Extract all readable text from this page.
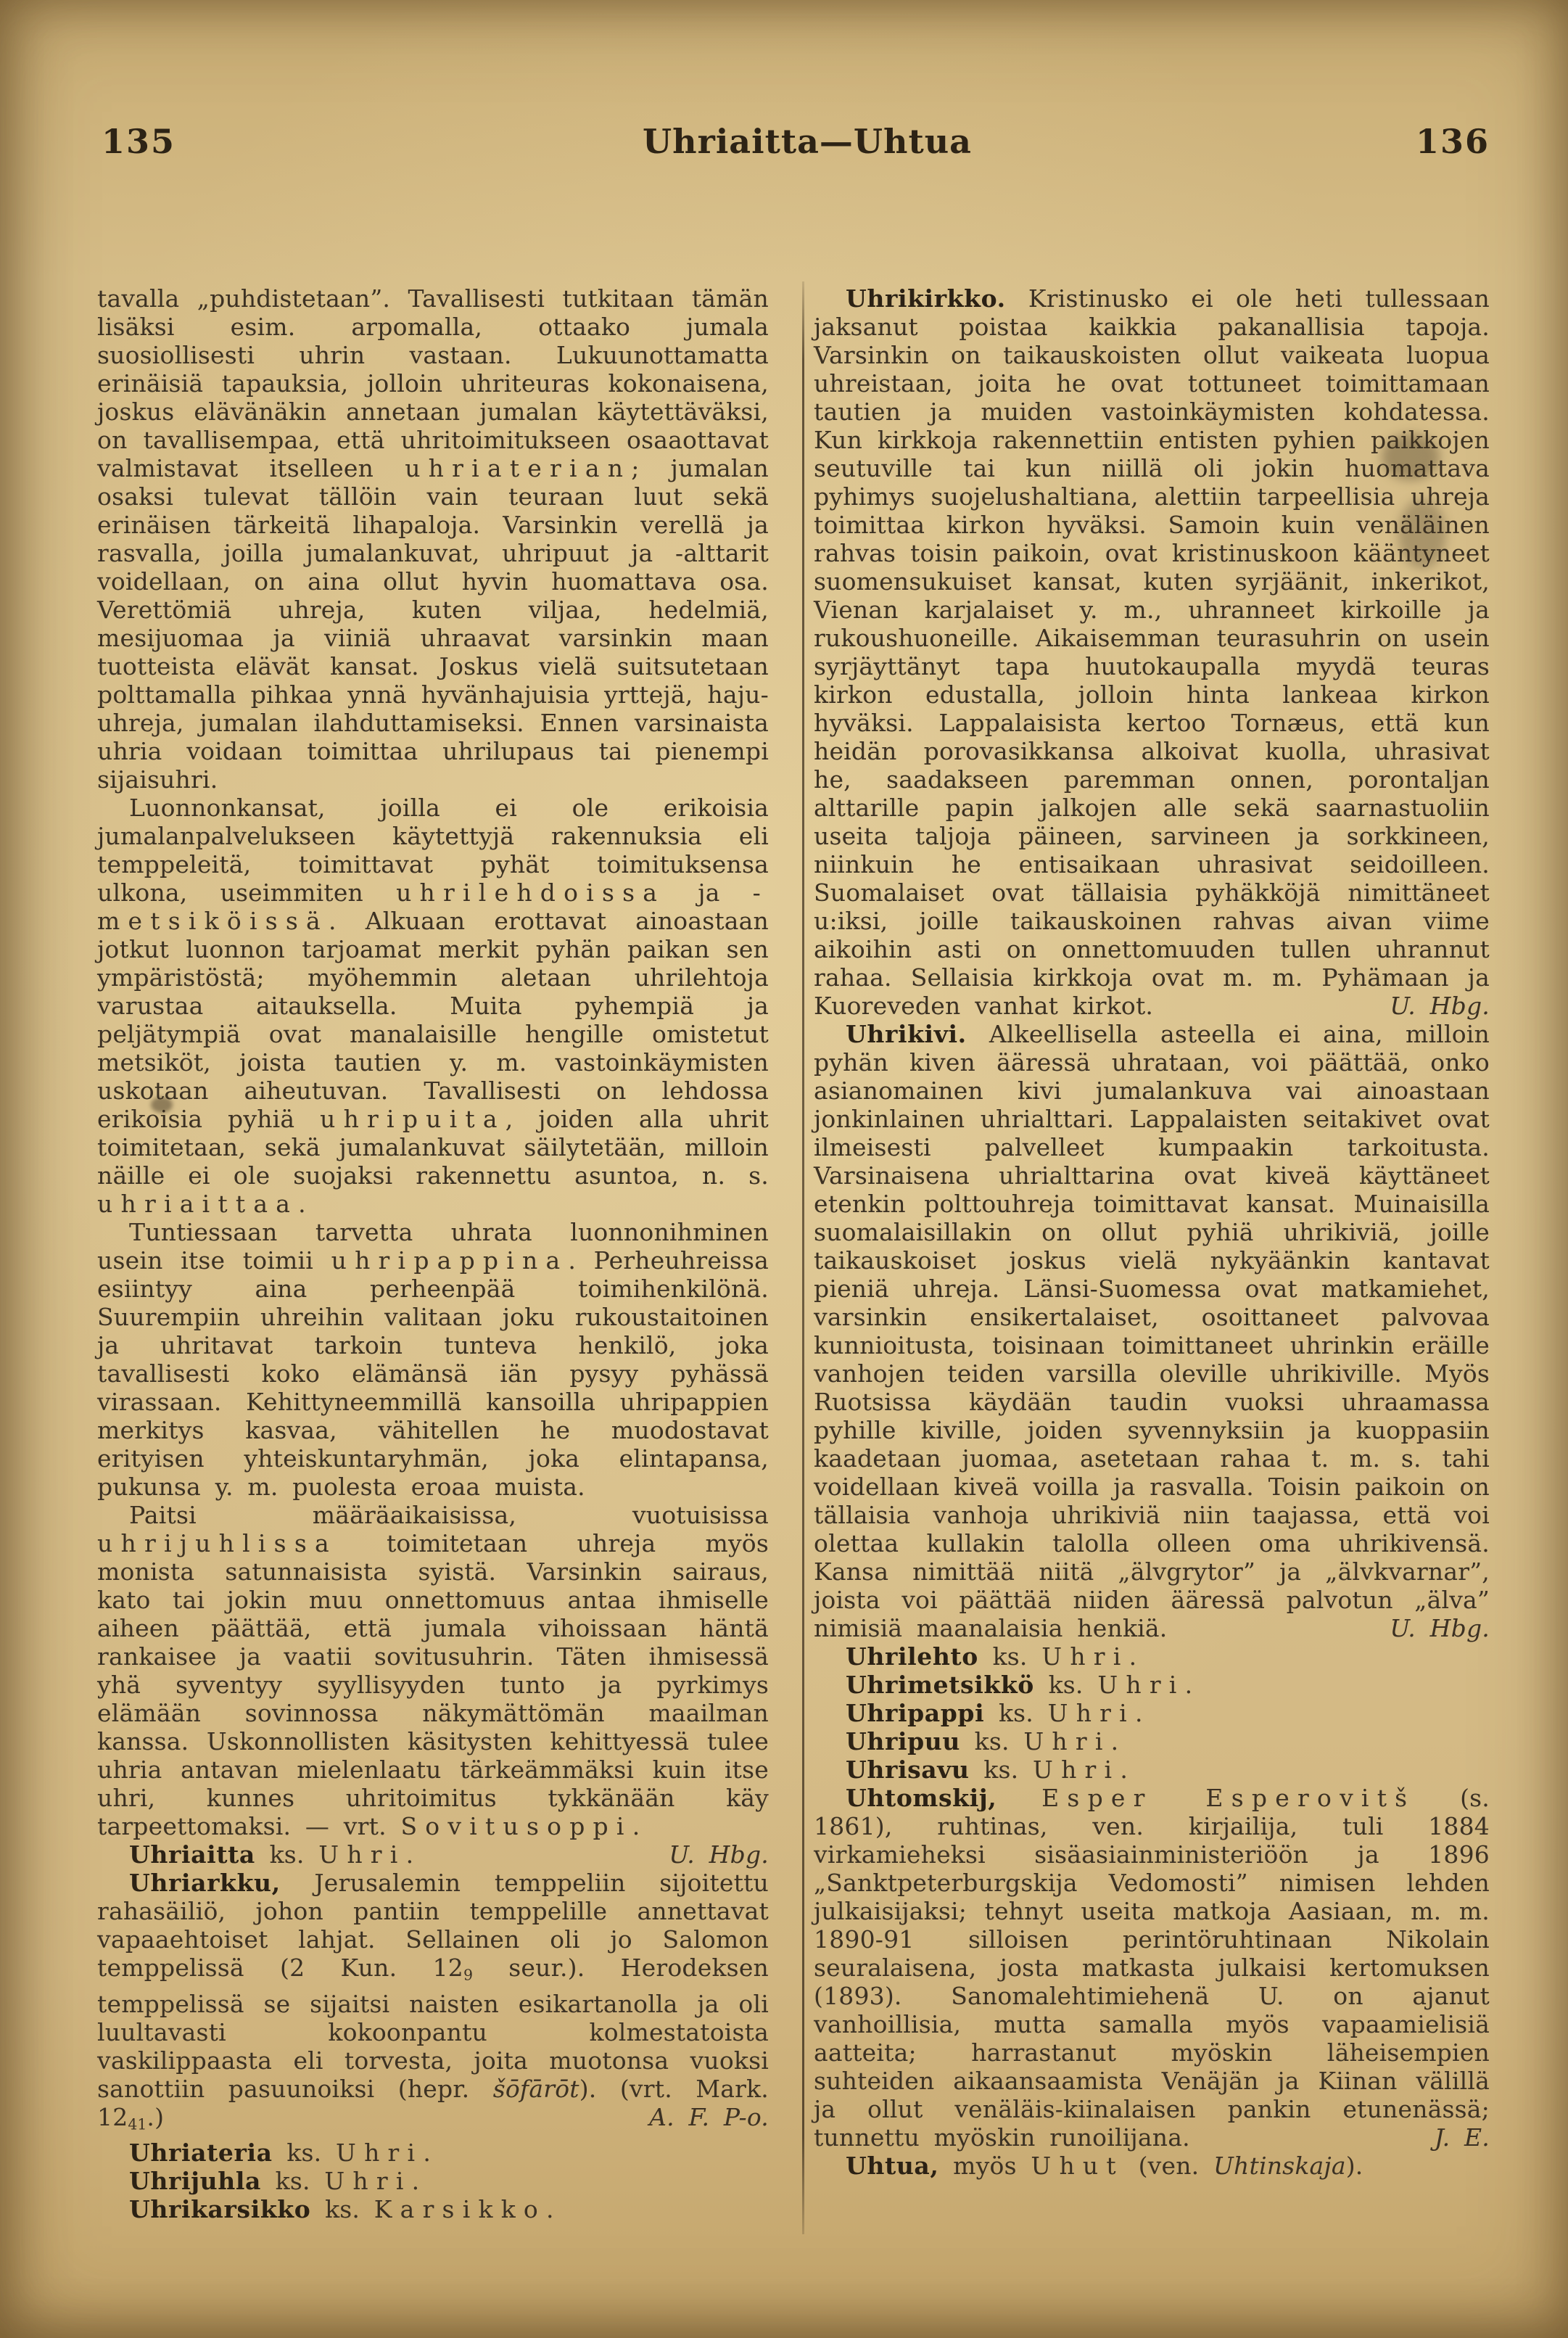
135	Uhriaitta—Uhtua	136

tavalla „puhdistetaan”. Tavallisesti tutkitaan tämän lisäksi esim. arpomalla, ottaako jumala suosiollisesti uhrin vastaan. Lukuunottamatta erinäisiä tapauksia, jolloin uhriteuras kokonaisena, joskus elävänäkin annetaan jumalan käytettäväksi, on tavallisempaa, että uhritoimitukseen osaaottavat valmistavat itselleen uhriaterian; jumalan osaksi tulevat tällöin vain teuraan luut sekä erinäisen tärkeitä lihapaloja. Varsinkin verellä ja rasvalla, joilla jumalankuvat, uhripuut ja -alttarit voidellaan, on aina ollut hyvin huomattava osa. Verettömiä uhreja, kuten viljaa, hedelmiä, mesijuomaa ja viiniä uhraavat varsinkin maan tuotteista elävät kansat. Joskus vielä suitsutetaan polttamalla pihkaa ynnä hyvänhajuisia yrttejä, haju-uhreja, jumalan ilahduttamiseksi. Ennen varsinaista uhria voidaan toimittaa uhrilupaus tai pienempi sijaisuhri.

Luonnonkansat, joilla ei ole erikoisia jumalanpalvelukseen käytettyjä rakennuksia eli temppeleitä, toimittavat pyhät toimituksensa ulkona, useimmiten uhrilehdoissa ja -metsiköissä. Alkuaan erottavat ainoastaan jotkut luonnon tarjoamat merkit pyhän paikan sen ympäristöstä; myöhemmin aletaan uhrilehtoja varustaa aitauksella. Muita pyhempiä ja peljätympiä ovat manalaisille hengille omistetut metsiköt, joista tautien y. m. vastoinkäymisten uskotaan aiheutuvan. Tavallisesti on lehdossa erikoisia pyhiä uhripuita, joiden alla uhrit toimitetaan, sekä jumalankuvat säilytetään, milloin näille ei ole suojaksi rakennettu asuntoa, n. s. uhriaittaa.

Tuntiessaan tarvetta uhrata luonnonihminen usein itse toimii uhripappina. Perheuhreissa esiintyy aina perheenpää toimihenkilönä. Suurempiin uhreihin valitaan joku rukoustaitoinen ja uhritavat tarkoin tunteva henkilö, joka tavallisesti koko elämänsä iän pysyy pyhässä virassaan. Kehittyneemmillä kansoilla uhripappien merkitys kasvaa, vähitellen he muodostavat erityisen yhteiskuntaryhmän, joka elintapansa, pukunsa y. m. puolesta eroaa muista.

Paitsi määräaikaisissa, vuotuisissa uhrijuhlissa toimitetaan uhreja myös monista satunnaisista syistä. Varsinkin sairaus, kato tai jokin muu onnettomuus antaa ihmiselle aiheen päättää, että jumala vihoissaan häntä rankaisee ja vaatii sovitusuhrin. Täten ihmisessä yhä syventyy syyllisyyden tunto ja pyrkimys elämään sovinnossa näkymättömän maailman kanssa. Uskonnollisten käsitysten kehittyessä tulee uhria antavan mielenlaatu tärkeämmäksi kuin itse uhri, kunnes uhritoimitus tykkänään käy tarpeettomaksi. — vrt. Sovitusoppi.
U. Hbg.

Uhriaitta ks. Uhri.

Uhriarkku, Jerusalemin temppeliin sijoitettu rahasäiliö, johon pantiin temppelille annettavat vapaaehtoiset lahjat. Sellainen oli jo Salomon temppelissä (2 Kun. 129 seur.). Herodeksen temppelissä se sijaitsi naisten esikartanolla ja oli luultavasti kokoonpantu kolmestatoista vaskilippaasta eli torvesta, joita muotonsa vuoksi sanottiin pasuunoiksi (hepr. šōfārōt). (vrt. Mark. 1241.)	A. F. P-o.

Uhriateria ks. Uhri.

Uhrijuhla ks. Uhri.

Uhrikarsikko ks. Karsikko.

Uhrikirkko. Kristinusko ei ole heti tullessaan jaksanut poistaa kaikkia pakanallisia tapoja. Varsinkin on taikauskoisten ollut vaikeata luopua uhreistaan, joita he ovat tottuneet toimittamaan tautien ja muiden vastoinkäymisten kohdatessa. Kun kirkkoja rakennettiin entisten pyhien paikkojen seutuville tai kun niillä oli jokin huomattava pyhimys suojelushaltiana, alettiin tarpeellisia uhreja toimittaa kirkon hyväksi. Samoin kuin venäläinen rahvas toisin paikoin, ovat kristinuskoon kääntyneet suomensukuiset kansat, kuten syrjäänit, inkerikot, Vienan karjalaiset y. m., uhranneet kirkoille ja rukoushuoneille. Aikaisemman teurasuhrin on usein syrjäyttänyt tapa huutokaupalla myydä teuras kirkon edustalla, jolloin hinta lankeaa kirkon hyväksi. Lappalaisista kertoo Tornæus, että kun heidän porovasikkansa alkoivat kuolla, uhrasivat he, saadakseen paremman onnen, porontaljan alttarille papin jalkojen alle sekä saarnastuoliin useita taljoja päineen, sarvineen ja sorkkineen, niinkuin he entisaikaan uhrasivat seidoilleen. Suomalaiset ovat tällaisia pyhäkköjä nimittäneet u:iksi, joille taikauskoinen rahvas aivan viime aikoihin asti on onnettomuuden tullen uhrannut rahaa. Sellaisia kirkkoja ovat m. m. Pyhämaan ja Kuoreveden vanhat kirkot.	U. Hbg.

Uhrikivi. Alkeellisella asteella ei aina, milloin pyhän kiven ääressä uhrataan, voi päättää, onko asianomainen kivi jumalankuva vai ainoastaan jonkinlainen uhrialttari. Lappalaisten seitakivet ovat ilmeisesti palvelleet kumpaakin tarkoitusta. Varsinaisena uhrialttarina ovat kiveä käyttäneet etenkin polttouhreja toimittavat kansat. Muinaisilla suomalaisillakin on ollut pyhiä uhrikiviä, joille taikauskoiset joskus vielä nykyäänkin kantavat pieniä uhreja. Länsi-Suomessa ovat matkamiehet, varsinkin ensikertalaiset, osoittaneet palvovaa kunnioitusta, toisinaan toimittaneet uhrinkin eräille vanhojen teiden varsilla oleville uhrikiville. Myös Ruotsissa käydään taudin vuoksi uhraamassa pyhille kiville, joiden syvennyksiin ja kuoppasiin kaadetaan juomaa, asetetaan rahaa t. m. s. tahi voidellaan kiveä voilla ja rasvalla. Toisin paikoin on tällaisia vanhoja uhrikiviä niin taajassa, että voi olettaa kullakin talolla olleen oma uhrikivensä. Kansa nimittää niitä „älvgrytor” ja „älvkvarnar”, joista voi päättää niiden ääressä palvotun „älva” nimisiä maanalaisia henkiä.	U. Hbg.

Uhrilehto ks. Uhri.

Uhrimetsikkö ks. Uhri.

Uhripappi ks. Uhri.

Uhripuu ks. Uhri.

Uhrisavu ks. Uhri.

Uhtomskij, Esper Esperovitš (s. 1861), ruhtinas, ven. kirjailija, tuli 1884 virkamieheksi sisäasiainministeriöön ja 1896 „Sanktpeterburgskija Vedomosti” nimisen lehden julkaisijaksi; tehnyt useita matkoja Aasiaan, m. m. 1890-91 silloisen perintöruhtinaan Nikolain seuralaisena, josta matkasta julkaisi kertomuksen (1893). Sanomalehtimiehenä U. on ajanut vanhoillisia, mutta samalla myös vapaamielisiä aatteita; harrastanut myöskin läheisempien suhteiden aikaansaamista Venäjän ja Kiinan välillä ja ollut venäläis-kiinalaisen pankin etunenässä; tunnettu myöskin runoilijana.	J. E.

Uhtua, myös Uhut (ven. Uhtinskaja).
